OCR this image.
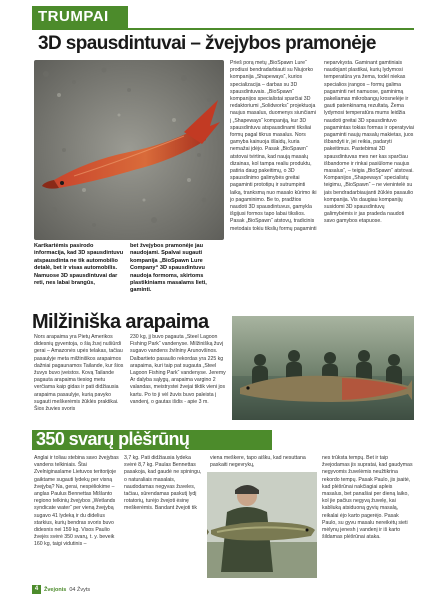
TRUMPAI
3D spausdintuvai – žvejybos pramonėje
Kartkartėmis pasirodo informacija, kad 3D spausdintuvu atspausdinta ne tik automobilio detalė, bet ir visas automobilis. Namuose 3D spausdintuvai dar reti, nes labai brangūs,
bet žvejybos pramonėje jau naudojami. Spalvai sugauti kompanija „BioSpawn Lure Company“ 3D spausdintuvu naudoja formoms, skirtoms plastikiniams masalams lieti, gaminti.
Prieš porą metų „BioSpawn Lure“ prodiusi bendradarbiauti su Niujorko kompanija „Shapeways“, kurios specializacija – darbas su 3D spausdintuvais. „BioSpawn“ kompanijos specialistai sparčiai 3D redaktoriumi „Solidworks“ projektuoja naujus masalus, duomenys siunčiami į „Shapeways“ kompaniją, kur 3D spausdintuvu atspausdinami tiksliai formų pagal tikrus masalus. Nors gamyba kainuoja išlaidų, kuria nemažai įdėjo. Pasak „BioSpawn“ atstovai tvirtina, kad naują masalų dizainas, kol tampa realiu produktu, patiria daug pakeitimų, o 3D spausdinimo galimybės greitai pagaminti prototipų ir sutrumpinti laiką, tranksmą nuo masalo kūrimo iki jo pagaminimo. Be to, pradžios naudoti 3D spausdintuvus, gamykla išgijusi formos tapo labai tikslios. Pasak „BioSpawn“ atstovų, tradicinis metodais tokiu tikslių formų pagaminti
neparvkysta. Gaminant gamtiniais naudojant plastikai, kurių lydymosi temperatūra yra žema, todėl niekas specialios įrangos – formų galima pagaminti net namuose, gaminimą pakeliamas mikrobangų krosnelėje ir gauti patenkinamą rezultatą. Žema lydymosi temperatūra mums leidžia naudoti greitai 3D spausdintuvo pagamintas tokias formas ir operatyviai pagaminti naujų masalų makietas, juos išbandyti ir, jei reikia, padaryti pakeitimus. Pastebimai 3D spausdintuvas mes ner kas sparčiau išbandome ir rinkai pasiūlome naujus masalus“, – teigia „BioSpawn“ atstovai. Kompanijos „Shapeways“ specialistų teigimu, „BioSpawn“ – ne vienintelė su jais bendradarbiaujanti žūklės pasaulio kompanija. Vis daugiau kompanijų susidomi 3D spausdintuvų galimybėmis ir jas pradeda naudoti savo gamybos etapuose.
Milžiniška arapaima
Nors arapaima yra Pietų Amerikos didesnių gyventoja, o šią žuvį nušiūrdi gerai – Amazonės upės telakas, tačiau pasaulyje meta milžiniškos arapaimos dažniai pagaunamos Tailande, kur šios žuvys buvo įveistos. Kovą Tailande pagauta arapaima tiesiog metu verčiama kaip gidas ir pati didžiausia arapaima pasaulyje, kurią pavyko sugauti meškerėmis žūklės praktikai. Šios žuvies svoris
230 kg, jį buvo pagauta „Steel Lagoon Fishing Park“ vandenyse. Milžinišką žuvį sugavo vandens žvilniny Arunovšinos. Dalbartieto pasaulio rekordas yra 225 kg arapaima, kuri taip pat sugauta „Steel Lagoon Fishing Park“ vandenyse. Jeremy Ar dalyba sąlygų, arapaima vargino 2 valandas, meistrystei žvejai tiktik vieni jos kartu. Po to ji vėl žuvis buvo paleista į vandenį, o gautas išdis - apie 3 m.
350 svarų plėšrūnų
Anglai ir toliau stebina savo žvejybas vandens telkiniais. Štai Zvelniginaslame Lietuvos teritorijoje gaiktame sugauti lydekų per visną žvejybą? Na, gerai, nespėliokime – anglas Paulus Bennettas Mišlanto regiono telkinių žvejybos „Wetlands syndicate water“ per vieną žvejybą sugavo 41 lydeką ir du didelius starkius, kurių bendras svoris buvo didesnis nei 159 kg. Visos Paulio žvejės svėrė 350 svarų, t. y. beveik 160 kg, taigi vidutinis –
3,7 kg. Pati didžiausia lydeka svėrė 8,7 kg. Paulas Bennettas pasakoja, kad gaudė ne spiningu, o naturaliais masalais, naudodamas negyvas žuveles, tačiau, sūrendamas paskutį lydį rotatorių, turėjo žvejoti ėsinę meškerėmis. Bandant žvejoti tik
viena meškere, tapo aišku, kad nesuttana paskaiti negevrykų,
nes trūksta tempų. Bet ir taip žvejodamas jis supratai, kad gaudymas negyvomis žuvelėmis neužtikrina rekordo tempų. Pasak Paulo, jis įsaitė, kad plėšrūnai nakčiagiai apleis masalus, bet panašiai per dieną laiko, kol jie pačius negyvą žuvelę, kai kabliuką atsiduoną gyvių masalą, reikalai ėjo karto pagerėjo. Pasak Paulo, su gyvu masalu nereikėtų sieti mėlynų jenesh į vandenį ir iš karto šildamas plėšrūnai ataka.
4	Žvejonis 04 Žvyts
